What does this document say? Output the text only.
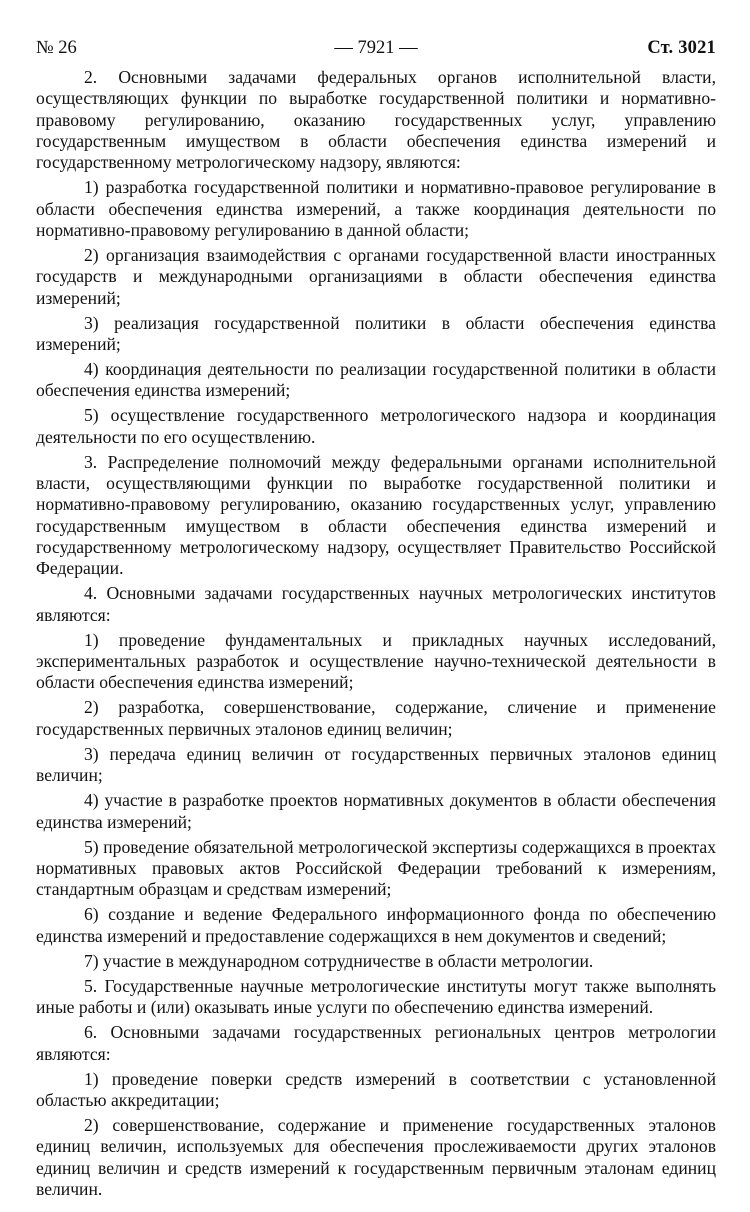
№ 26	— 7921 —	Ст. 3021

2. Основными задачами федеральных органов исполнительной власти, осуществляющих функции по выработке государственной политики и нормативно-правовому регулированию, оказанию государственных услуг, управлению государственным имуществом в области обеспечения единства измерений и государственному метрологическому надзору, являются:

1) разработка государственной политики и нормативно-правовое регулирование в области обеспечения единства измерений, а также координация деятельности по нормативно-правовому регулированию в данной области;

2) организация взаимодействия с органами государственной власти иностранных государств и международными организациями в области обеспечения единства измерений;

3) реализация государственной политики в области обеспечения единства измерений;

4) координация деятельности по реализации государственной политики в области обеспечения единства измерений;

5) осуществление государственного метрологического надзора и координация деятельности по его осуществлению.

3. Распределение полномочий между федеральными органами исполнительной власти, осуществляющими функции по выработке государственной политики и нормативно-правовому регулированию, оказанию государственных услуг, управлению государственным имуществом в области обеспечения единства измерений и государственному метрологическому надзору, осуществляет Правительство Российской Федерации.

4. Основными задачами государственных научных метрологических институтов являются:

1) проведение фундаментальных и прикладных научных исследований, экспериментальных разработок и осуществление научно-технической деятельности в области обеспечения единства измерений;

2) разработка, совершенствование, содержание, сличение и применение государственных первичных эталонов единиц величин;

3) передача единиц величин от государственных первичных эталонов единиц величин;

4) участие в разработке проектов нормативных документов в области обеспечения единства измерений;

5) проведение обязательной метрологической экспертизы содержащихся в проектах нормативных правовых актов Российской Федерации требований к измерениям, стандартным образцам и средствам измерений;

6) создание и ведение Федерального информационного фонда по обеспечению единства измерений и предоставление содержащихся в нем документов и сведений;

7) участие в международном сотрудничестве в области метрологии.

5. Государственные научные метрологические институты могут также выполнять иные работы и (или) оказывать иные услуги по обеспечению единства измерений.

6. Основными задачами государственных региональных центров метрологии являются:

1) проведение поверки средств измерений в соответствии с установленной областью аккредитации;

2) совершенствование, содержание и применение государственных эталонов единиц величин, используемых для обеспечения прослеживаемости других эталонов единиц величин и средств измерений к государственным первичным эталонам единиц величин.
